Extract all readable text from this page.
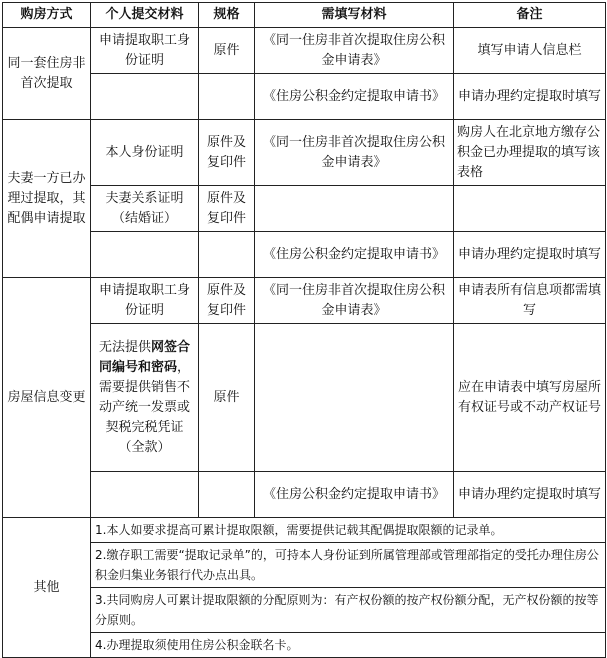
购房方式	个人提交材料	规格	需填写材料	备注
同一套住房非首次提取	申请提取职工身份证明	原件	《同一住房非首次提取住房公积金申请表》	填写申请人信息栏
			《住房公积金约定提取申请书》	申请办理约定提取时填写
夫妻一方已办理过提取，其配偶申请提取	本人身份证明	原件及复印件	《同一住房非首次提取住房公积金申请表》	购房人在北京地方缴存公积金已办理提取的填写该表格
	夫妻关系证明（结婚证）	原件及复印件		
			《住房公积金约定提取申请书》	申请办理约定提取时填写
房屋信息变更	申请提取职工身份证明	原件及复印件	《同一住房非首次提取住房公积金申请表》	申请表所有信息项都需填写
	无法提供网签合同编号和密码，需要提供销售不动产统一发票或契税完税凭证（全款）	原件		应在申请表中填写房屋所有权证号或不动产权证号
			《住房公积金约定提取申请书》	申请办理约定提取时填写
其他	1.本人如要求提高可累计提取限额，需要提供记载其配偶提取限额的记录单。			
	2.缴存职工需要“提取记录单”的，可持本人身份证到所属管理部或管理部指定的受托办理住房公积金归集业务银行代办点出具。			
	3.共同购房人可累计提取限额的分配原则为：有产权份额的按产权份额分配，无产权份额的按等分原则。			
	4.办理提取须使用住房公积金联名卡。			
